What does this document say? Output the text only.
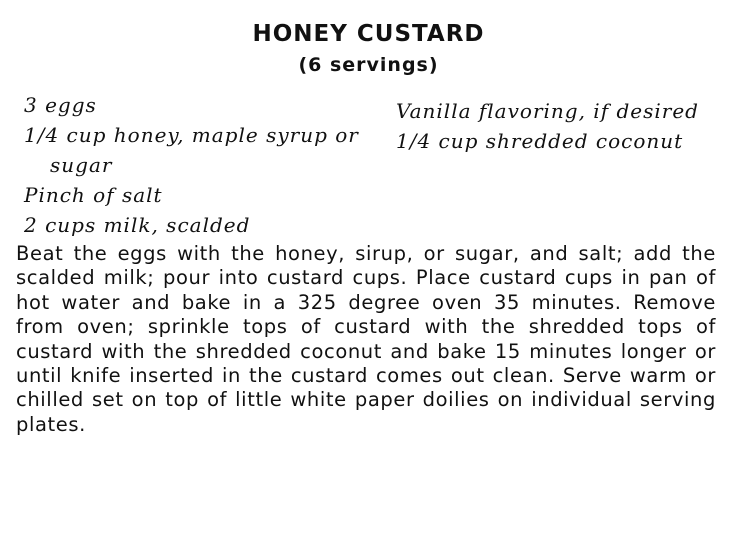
HONEY CUSTARD
(6 servings)
3 eggs
1/4 cup honey, maple syrup or sugar
Pinch of salt
2 cups milk, scalded
Vanilla flavoring, if desired
1/4 cup shredded coconut

Beat the eggs with the honey, sirup, or sugar, and salt; add the scalded milk; pour into custard cups. Place custard cups in pan of hot water and bake in a 325 degree oven 35 minutes. Remove from oven; sprinkle tops of custard with the shredded tops of custard with the shredded coconut and bake 15 minutes longer or until knife inserted in the custard comes out clean. Serve warm or chilled set on top of little white paper doilies on individual serving plates.
